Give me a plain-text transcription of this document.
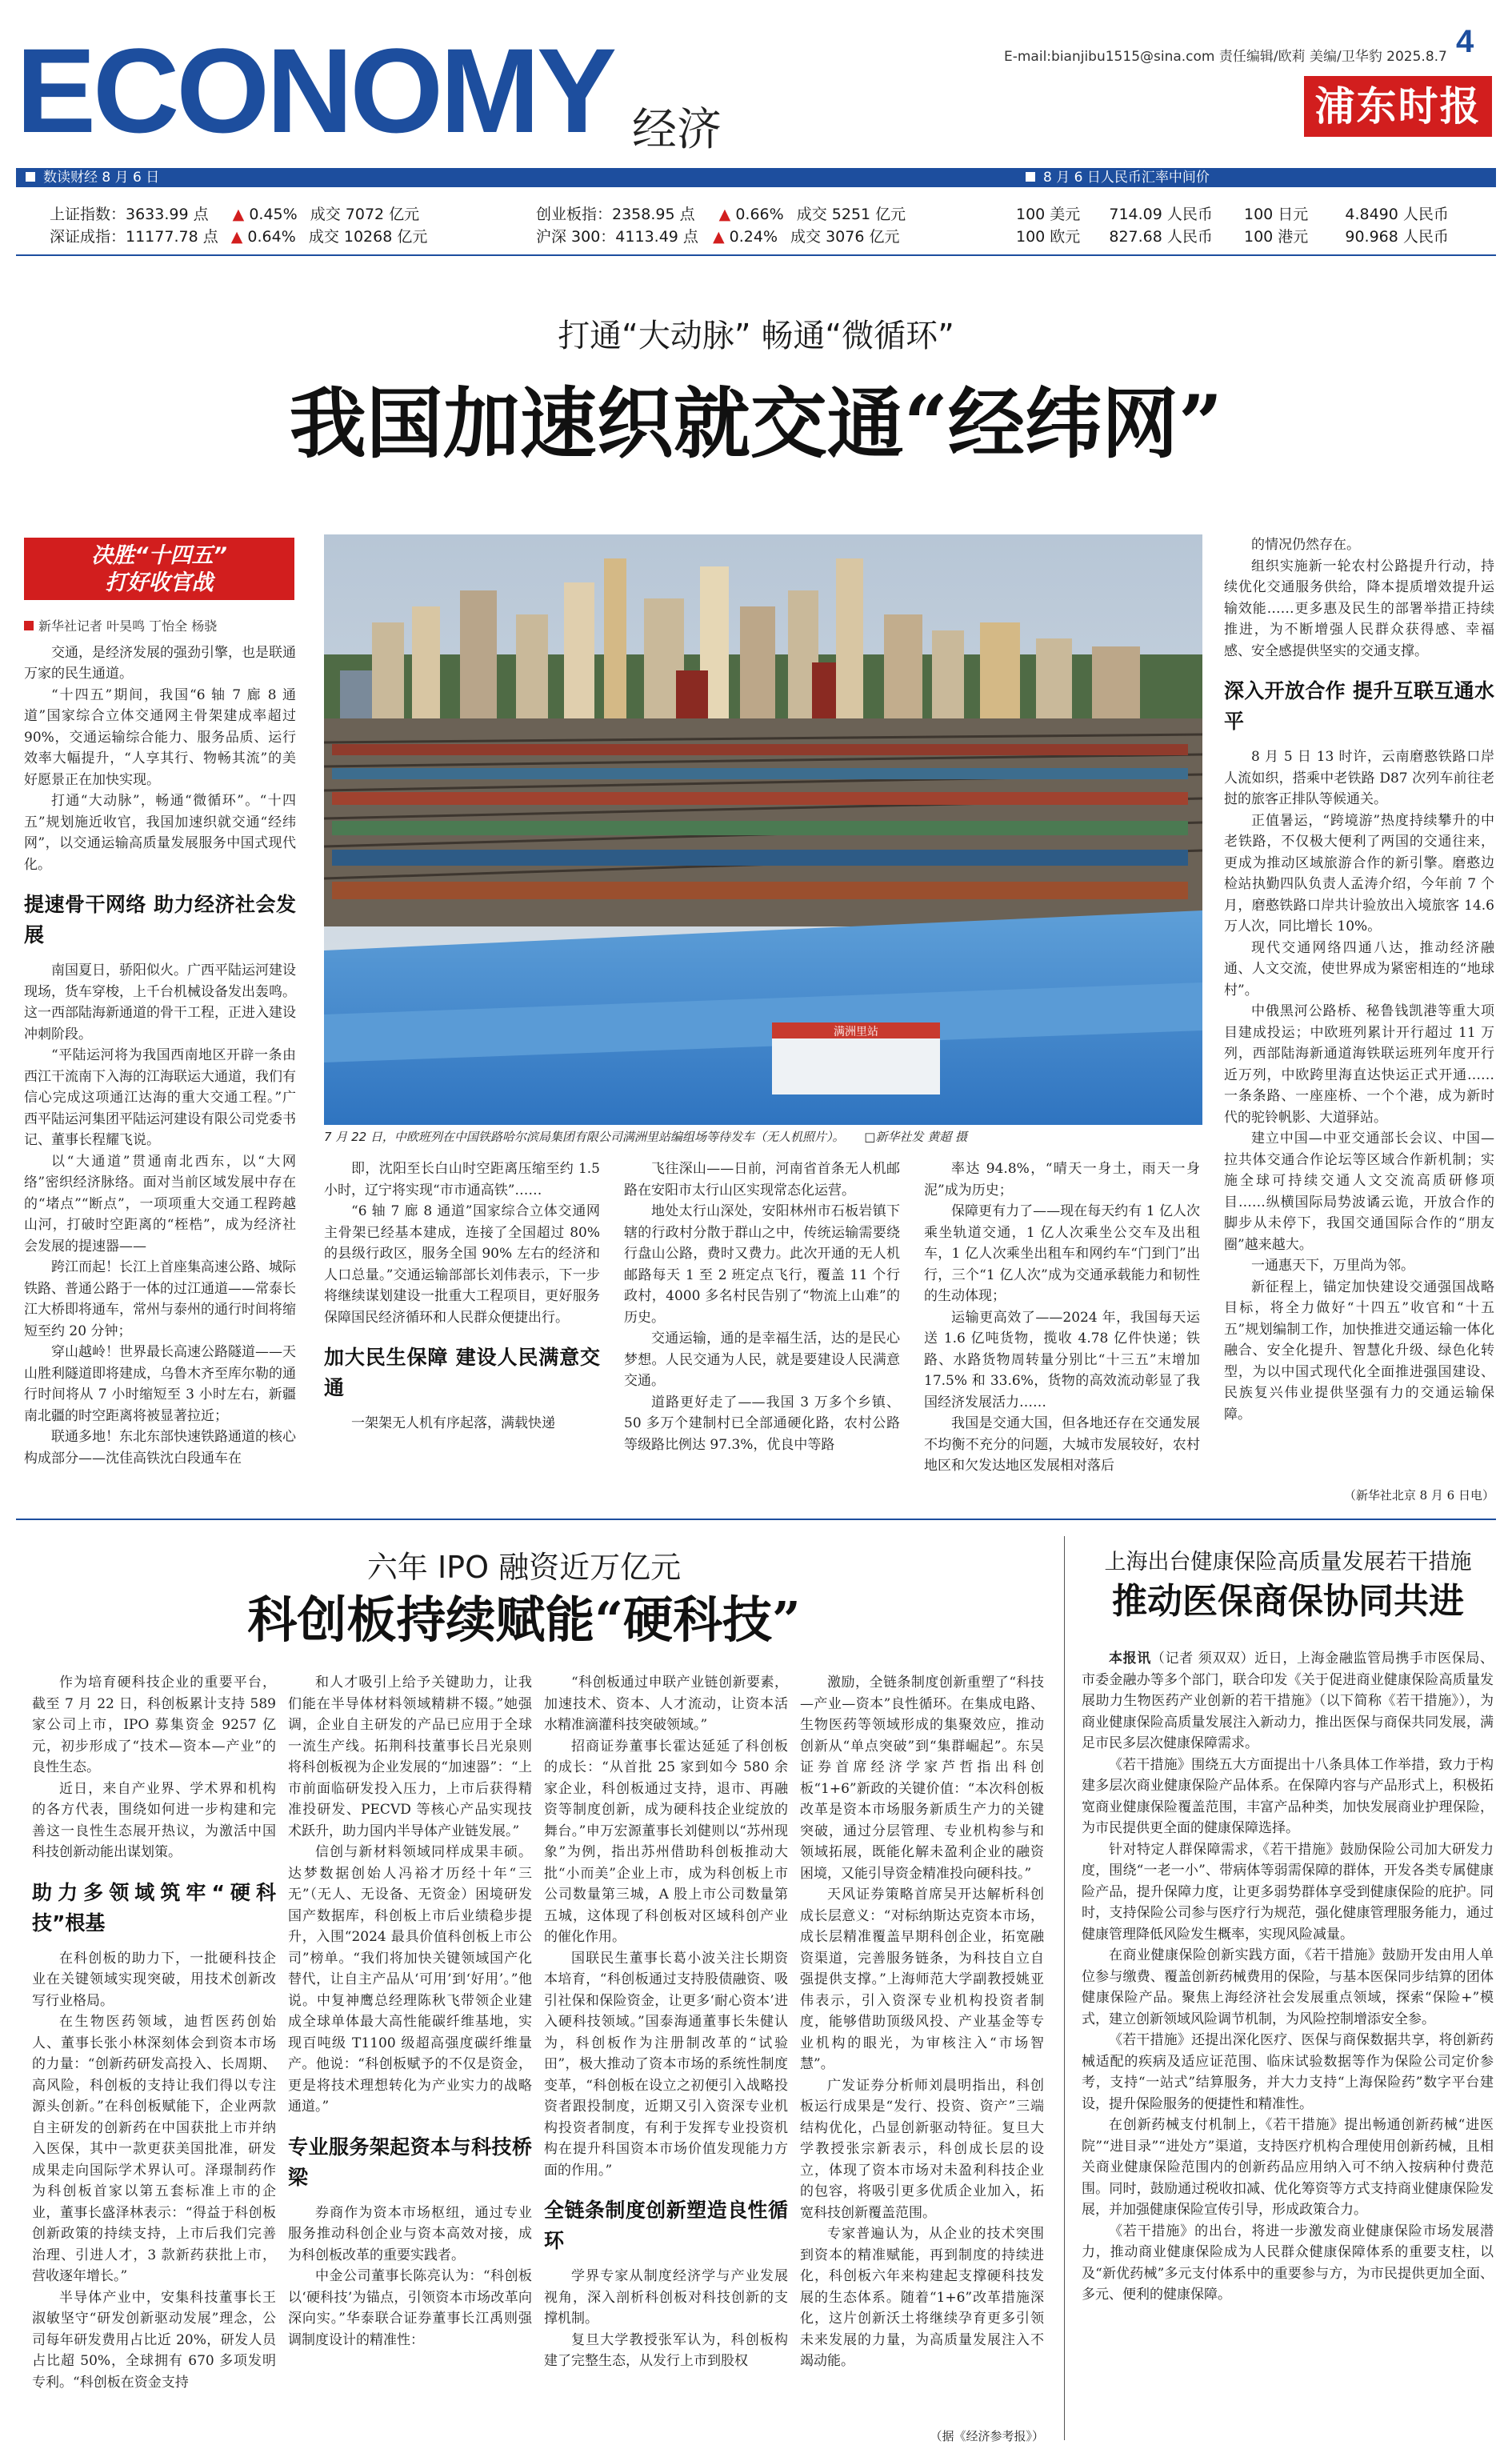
ECONOMY 经济
E-mail:bianjibu1515@sina.com 责任编辑/欧莉 美编/卫华豹 2025.8.7 4
浦东时报
数读财经 8 月 6 日	8 月 6 日人民币汇率中间价
上证指数：3633.99 点 ▲ 0.45% 成交 7072 亿元
深证成指：11177.78 点 ▲ 0.64% 成交 10268 亿元
创业板指：2358.95 点 ▲ 0.66% 成交 5251 亿元
沪深 300：4113.49 点 ▲ 0.24% 成交 3076 亿元
100 美元 714.09 人民币
100 欧元 827.68 人民币
100 日元 4.8490 人民币
100 港元 90.968 人民币
打通“大动脉” 畅通“微循环”
我国加速织就交通“经纬网”
决胜“十四五”
打好收官战
新华社记者 叶昊鸣 丁怡全 杨骁

交通，是经济发展的强劲引擎，也是联通万家的民生通道。

“十四五”期间，我国“6 轴 7 廊 8 通道”国家综合立体交通网主骨架建成率超过 90%，交通运输综合能力、服务品质、运行效率大幅提升，“人享其行、物畅其流”的美好愿景正在加快实现。

打通“大动脉”，畅通“微循环”。“十四五”规划施近收官，我国加速织就交通“经纬网”，以交通运输高质量发展服务中国式现代化。

提速骨干网络 助力经济社会发展

南国夏日，骄阳似火。广西平陆运河建设现场，货车穿梭，上千台机械设备发出轰鸣。这一西部陆海新通道的骨干工程，正进入建设冲刺阶段。

“平陆运河将为我国西南地区开辟一条由西江干流南下入海的江海联运大通道，我们有信心完成这项通江达海的重大交通工程。”广西平陆运河集团平陆运河建设有限公司党委书记、董事长程耀飞说。

以“大通道”贯通南北西东，以“大网络”密织经济脉络。面对当前区域发展中存在的“堵点”“断点”，一项项重大交通工程跨越山河，打破时空距离的“桎梏”，成为经济社会发展的提速器——

跨江而起！长江上首座集高速公路、城际铁路、普通公路于一体的过江通道——常泰长江大桥即将通车，常州与泰州的通行时间将缩短至约 20 分钟；

穿山越岭！世界最长高速公路隧道——天山胜利隧道即将建成，乌鲁木齐至库尔勒的通行时间将从 7 小时缩短至 3 小时左右，新疆南北疆的时空距离将被显著拉近；

联通多地！东北东部快速铁路通道的核心构成部分——沈佳高铁沈白段通车在

满洲里站
7 月 22 日，中欧班列在中国铁路哈尔滨局集团有限公司满洲里站编组场等待发车（无人机照片）。 □新华社发 黄超 摄

即，沈阳至长白山时空距离压缩至约 1.5 小时，辽宁将实现“市市通高铁”……

“6 轴 7 廊 8 通道”国家综合立体交通网主骨架已经基本建成，连接了全国超过 80% 的县级行政区，服务全国 90% 左右的经济和人口总量。”交通运输部部长刘伟表示，下一步将继续谋划建设一批重大工程项目，更好服务保障国民经济循环和人民群众便捷出行。

加大民生保障 建设人民满意交通

一架架无人机有序起落，满载快递

飞往深山——日前，河南省首条无人机邮路在安阳市太行山区实现常态化运营。

地处太行山深处，安阳林州市石板岩镇下辖的行政村分散于群山之中，传统运输需要绕行盘山公路，费时又费力。此次开通的无人机邮路每天 1 至 2 班定点飞行，覆盖 11 个行政村，4000 多名村民告别了“物流上山难”的历史。

交通运输，通的是幸福生活，达的是民心梦想。人民交通为人民，就是要建设人民满意交通。

道路更好走了——我国 3 万多个乡镇、50 多万个建制村已全部通硬化路，农村公路等级路比例达 97.3%，优良中等路

率达 94.8%，“晴天一身土，雨天一身泥”成为历史；

保障更有力了——现在每天约有 1 亿人次乘坐轨道交通，1 亿人次乘坐公交车及出租车，1 亿人次乘坐出租车和网约车“门到门”出行，三个“1 亿人次”成为交通承载能力和韧性的生动体现；

运输更高效了——2024 年，我国每天运送 1.6 亿吨货物，揽收 4.78 亿件快递；铁路、水路货物周转量分别比“十三五”末增加 17.5% 和 33.6%，货物的高效流动彰显了我国经济发展活力……

我国是交通大国，但各地还存在交通发展不均衡不充分的问题，大城市发展较好，农村地区和欠发达地区发展相对落后

的情况仍然存在。

组织实施新一轮农村公路提升行动，持续优化交通服务供给，降本提质增效提升运输效能……更多惠及民生的部署举措正持续推进，为不断增强人民群众获得感、幸福感、安全感提供坚实的交通支撑。

深入开放合作 提升互联互通水平

8 月 5 日 13 时许，云南磨憨铁路口岸人流如织，搭乘中老铁路 D87 次列车前往老挝的旅客正排队等候通关。

正值暑运，“跨境游”热度持续攀升的中老铁路，不仅极大便利了两国的交通往来，更成为推动区域旅游合作的新引擎。磨憨边检站执勤四队负责人孟涛介绍，今年前 7 个月，磨憨铁路口岸共计验放出入境旅客 14.6 万人次，同比增长 10%。

现代交通网络四通八达，推动经济融通、人文交流，使世界成为紧密相连的“地球村”。

中俄黑河公路桥、秘鲁钱凯港等重大项目建成投运；中欧班列累计开行超过 11 万列，西部陆海新通道海铁联运班列年度开行近万列，中欧跨里海直达快运正式开通……一条条路、一座座桥、一个个港，成为新时代的驼铃帆影、大道驿站。

建立中国—中亚交通部长会议、中国—拉共体交通合作论坛等区域合作新机制；实施全球可持续交通人文交流高质研修项目……纵横国际局势波谲云诡，开放合作的脚步从未停下，我国交通国际合作的“朋友圈”越来越大。

一通惠天下，万里尚为邻。

新征程上，锚定加快建设交通强国战略目标，将全力做好“十四五”收官和“十五五”规划编制工作，加快推进交通运输一体化融合、安全化提升、智慧化升级、绿色化转型，为以中国式现代化全面推进强国建设、民族复兴伟业提供坚强有力的交通运输保障。

（新华社北京 8 月 6 日电）
六年 IPO 融资近万亿元
科创板持续赋能“硬科技”

作为培育硬科技企业的重要平台，截至 7 月 22 日，科创板累计支持 589 家公司上市，IPO 募集资金 9257 亿元，初步形成了“技术—资本—产业”的良性生态。

近日，来自产业界、学术界和机构的各方代表，围绕如何进一步构建和完善这一良性生态展开热议，为激活中国科技创新动能出谋划策。

助力多领域筑牢“硬科技”根基

在科创板的助力下，一批硬科技企业在关键领域实现突破，用技术创新改写行业格局。

在生物医药领域，迪哲医药创始人、董事长张小林深刻体会到资本市场的力量：“创新药研发高投入、长周期、高风险，科创板的支持让我们得以专注源头创新。”在科创板赋能下，企业两款自主研发的创新药在中国获批上市并纳入医保，其中一款更获美国批准，研发成果走向国际学术界认可。泽璟制药作为科创板首家以第五套标准上市的企业，董事长盛泽林表示：“得益于科创板创新政策的持续支持，上市后我们完善治理、引进人才，3 款新药获批上市，营收逐年增长。”

半导体产业中，安集科技董事长王淑敏坚守“研发创新驱动发展”理念，公司每年研发费用占比近 20%，研发人员占比超 50%，全球拥有 670 多项发明专利。“科创板在资金支持

和人才吸引上给予关键助力，让我们能在半导体材料领域精耕不辍。”她强调，企业自主研发的产品已应用于全球一流生产线。拓荆科技董事长吕光泉则将科创板视为企业发展的“加速器”：“上市前面临研发投入压力，上市后获得精准投研发、PECVD 等核心产品实现技术跃升，助力国内半导体产业链发展。”

信创与新材料领域同样成果丰硕。达梦数据创始人冯裕才历经十年“三无”（无人、无设备、无资金）困境研发国产数据库，科创板上市后业绩稳步提升，入围“2024 最具价值科创板上市公司”榜单。“我们将加快关键领域国产化替代，让自主产品从‘可用’到‘好用’。”他说。中复神鹰总经理陈秋飞带领企业建成全球单体最大高性能碳纤维基地，实现百吨级 T1100 级超高强度碳纤维量产。他说：“科创板赋予的不仅是资金，更是将技术理想转化为产业实力的战略通道。”

专业服务架起资本与科技桥梁

券商作为资本市场枢纽，通过专业服务推动科创企业与资本高效对接，成为科创板改革的重要实践者。

中金公司董事长陈亮认为：“科创板以‘硬科技’为锚点，引领资本市场改革向深向实。”华泰联合证券董事长江禹则强调制度设计的精准性：

“科创板通过申联产业链创新要素，加速技术、资本、人才流动，让资本活水精准滴灌科技突破领域。”

招商证券董事长霍达延延了科创板的成长：“从首批 25 家到如今 580 余家企业，科创板通过支持，退市、再融资等制度创新，成为硬科技企业绽放的舞台。”申万宏源董事长刘健则以“苏州现象”为例，指出苏州借助科创板推动大批“小而美”企业上市，成为科创板上市公司数量第三城，A 股上市公司数量第五城，这体现了科创板对区域科创产业的催化作用。

国联民生董事长葛小波关注长期资本培育，“科创板通过支持股债融资、吸引社保和保险资金，让更多‘耐心资本’进入硬科技领域。”国泰海通董事长朱健认为，科创板作为注册制改革的“试验田”，极大推动了资本市场的系统性制度变革，“科创板在设立之初便引入战略投资者跟投制度，近期又引入资深专业机构投资者制度，有利于发挥专业投资机构在提升科国资本市场价值发现能力方面的作用。”

全链条制度创新塑造良性循环

学界专家从制度经济学与产业发展视角，深入剖析科创板对科技创新的支撑机制。

复旦大学教授张军认为，科创板构建了完整生态，从发行上市到股权

激励，全链条制度创新重塑了“科技—产业—资本”良性循环。在集成电路、生物医药等领域形成的集聚效应，推动创新从“单点突破”到“集群崛起”。东吴证券首席经济学家芦哲指出科创板“1+6”新政的关键价值：“本次科创板改革是资本市场服务新质生产力的关键突破，通过分层管理、专业机构参与和领域拓展，既能化解未盈利企业的融资困境，又能引导资金精准投向硬科技。”

天风证券策略首席吴开达解析科创成长层意义：“对标纳斯达克资本市场，成长层精准覆盖早期科创企业，拓宽融资渠道，完善服务链条，为科技自立自强提供支撑。”上海师范大学副教授姚亚伟表示，引入资深专业机构投资者制度，能够借助顶级风投、产业基金等专业机构的眼光，为审核注入“市场智慧”。

广发证券分析师刘晨明指出，科创板运行成果是“发行、投资、资产”三端结构优化，凸显创新驱动特征。复旦大学教授张宗新表示，科创成长层的设立，体现了资本市场对未盈利科技企业的包容，将吸引更多优质企业加入，拓宽科技创新覆盖范围。

专家普遍认为，从企业的技术突围到资本的精准赋能，再到制度的持续进化，科创板六年来构建起支撑硬科技发展的生态体系。随着“1+6”改革措施深化，这片创新沃土将继续孕育更多引领未来发展的力量，为高质量发展注入不竭动能。

（据《经济参考报》）
上海出台健康保险高质量发展若干措施
推动医保商保协同共进

本报讯（记者 须双双）近日，上海金融监管局携手市医保局、市委金融办等多个部门，联合印发《关于促进商业健康保险高质量发展助力生物医药产业创新的若干措施》（以下简称《若干措施》），为商业健康保险高质量发展注入新动力，推出医保与商保共同发展，满足市民多层次健康保障需求。

《若干措施》围绕五大方面提出十八条具体工作举措，致力于构建多层次商业健康保险产品体系。在保障内容与产品形式上，积极拓宽商业健康保险覆盖范围，丰富产品种类，加快发展商业护理保险，为市民提供更全面的健康保障选择。

针对特定人群保障需求，《若干措施》鼓励保险公司加大研发力度，围绕“一老一小”、带病体等弱需保障的群体，开发各类专属健康险产品，提升保障力度，让更多弱势群体享受到健康保险的庇护。同时，支持保险公司参与医疗行为规范，强化健康管理服务能力，通过健康管理降低风险发生概率，实现风险减量。

在商业健康保险创新实践方面，《若干措施》鼓励开发由用人单位参与缴费、覆盖创新药械费用的保险，与基本医保同步结算的团体健康保险产品。聚焦上海经济社会发展重点领域，探索“保险+”模式，建立创新领域风险调节机制，为风险控制增添安全参。

《若干措施》还提出深化医疗、医保与商保数据共享，将创新药械适配的疾病及适应证范围、临床试验数据等作为保险公司定价参考，支持“一站式”结算服务，并大力支持“上海保险药”数字平台建设，提升保险服务的便捷性和精准性。

在创新药械支付机制上，《若干措施》提出畅通创新药械“进医院”“进目录”“进处方”渠道，支持医疗机构合理使用创新药械，且相关商业健康保险范围内的创新药品应用纳入可不纳入按病种付费范围。同时，鼓励通过税收扣减、优化筹资等方式支持商业健康保险发展，并加强健康保险宣传引导，形成政策合力。

《若干措施》的出台，将进一步激发商业健康保险市场发展潜力，推动商业健康保险成为人民群众健康保障体系的重要支柱，以及“新优药械”多元支付体系中的重要参与方，为市民提供更加全面、多元、便利的健康保障。
